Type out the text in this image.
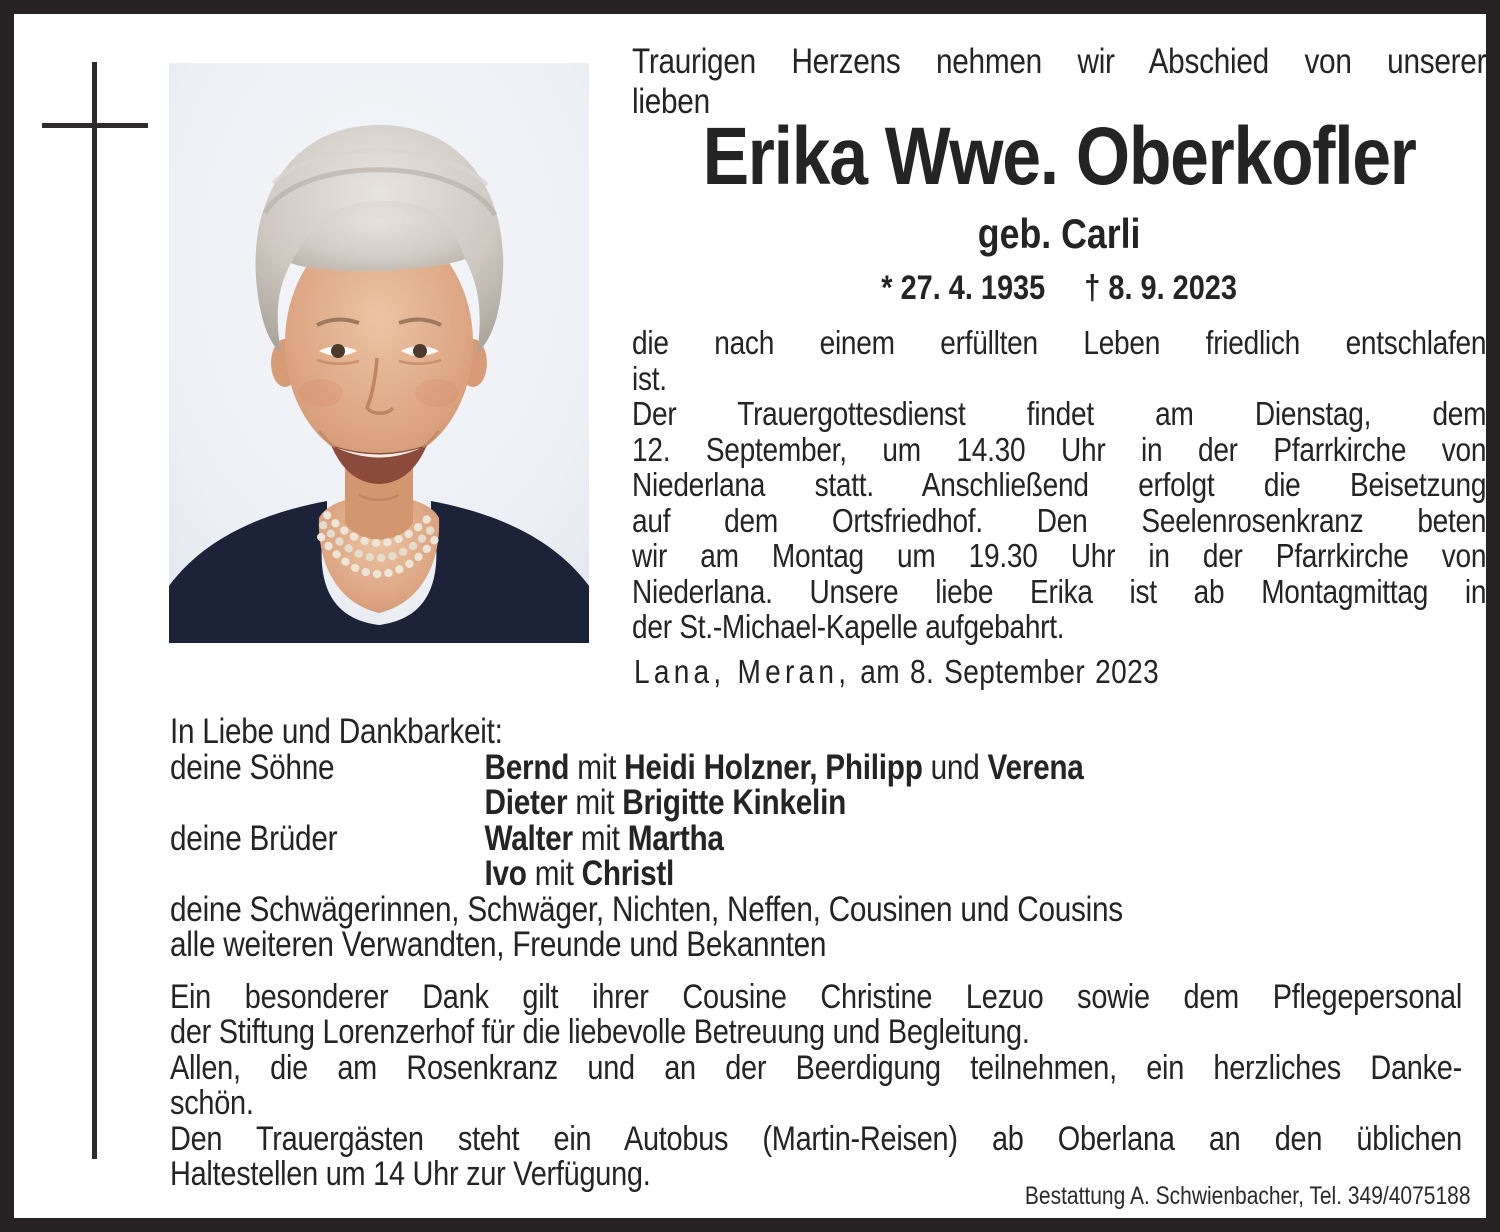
Traurigen Herzens nehmen wir Abschied von unserer
lieben
Erika Wwe. Oberkofler
geb. Carli
* 27. 4. 1935 † 8. 9. 2023
die nach einem erfüllten Leben friedlich entschlafen
ist.
Der Trauergottesdienst findet am Dienstag, dem
12. September, um 14.30 Uhr in der Pfarrkirche von
Niederlana statt. Anschließend erfolgt die Beisetzung
auf dem Ortsfriedhof. Den Seelenrosenkranz beten
wir am Montag um 19.30 Uhr in der Pfarrkirche von
Niederlana. Unsere liebe Erika ist ab Montagmittag in
der St.-Michael-Kapelle aufgebahrt.
Lana, Meran, am 8. September 2023
In Liebe und Dankbarkeit:
deine Söhne	Bernd mit Heidi Holzner, Philipp und Verena
Dieter mit Brigitte Kinkelin
deine Brüder	Walter mit Martha
Ivo mit Christl
deine Schwägerinnen, Schwäger, Nichten, Neffen, Cousinen und Cousins
alle weiteren Verwandten, Freunde und Bekannten
Ein besonderer Dank gilt ihrer Cousine Christine Lezuo sowie dem Pflegepersonal
der Stiftung Lorenzerhof für die liebevolle Betreuung und Begleitung.
Allen, die am Rosenkranz und an der Beerdigung teilnehmen, ein herzliches Danke-
schön.
Den Trauergästen steht ein Autobus (Martin-Reisen) ab Oberlana an den üblichen
Haltestellen um 14 Uhr zur Verfügung.
Bestattung A. Schwienbacher, Tel. 349/4075188
